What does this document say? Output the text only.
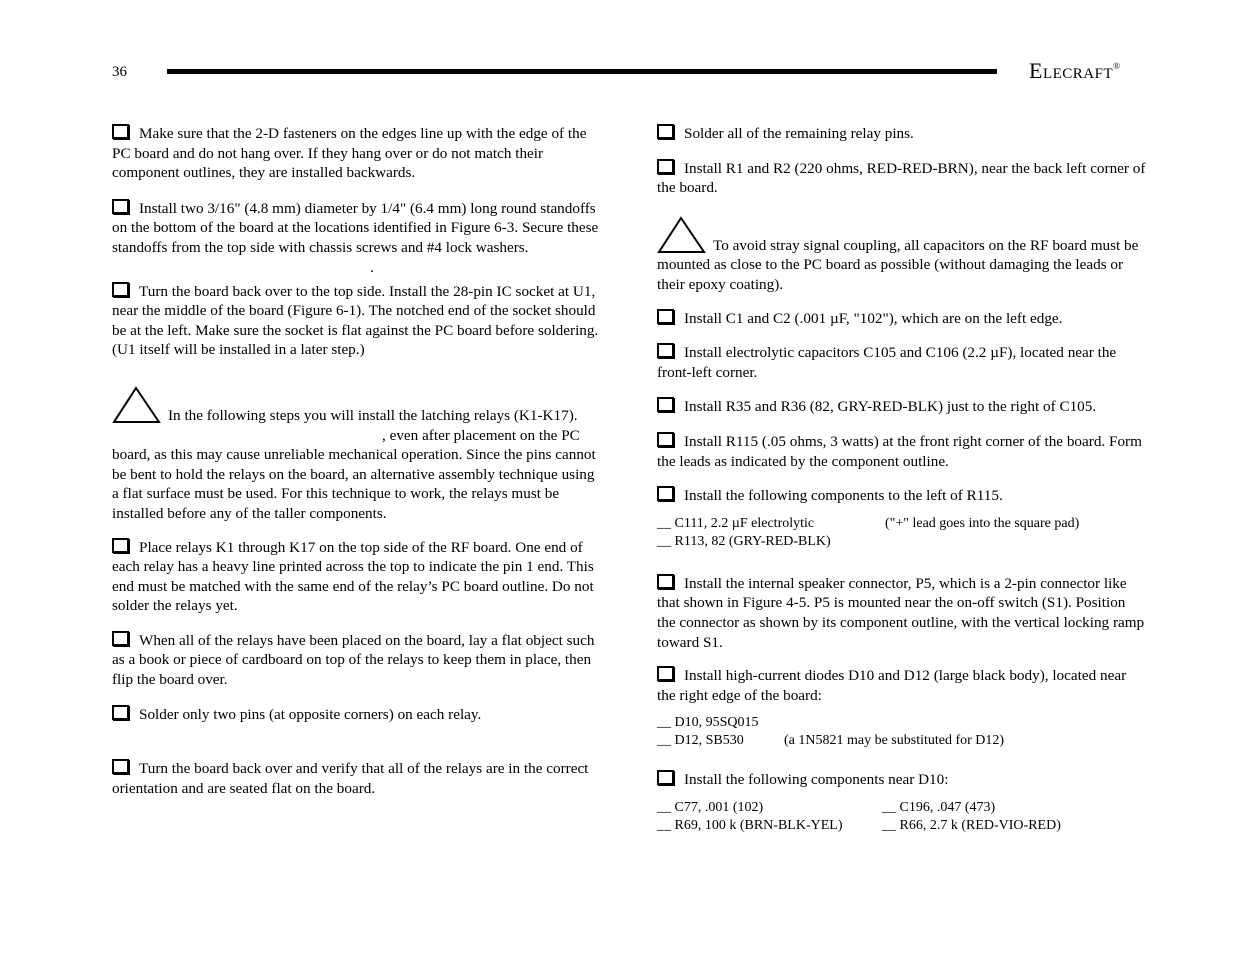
36	ELECRAFT®

Make sure that the 2-D fasteners on the edges line up with the edge of the PC board and do not hang over. If they hang over or do not match their component outlines, they are installed backwards.

Install two 3/16" (4.8 mm) diameter by 1/4" (6.4 mm) long round standoffs on the bottom of the board at the locations identified in Figure 6-3. Secure these standoffs from the top side with chassis screws and #4 lock washers.

.

Turn the board back over to the top side. Install the 28-pin IC socket at U1, near the middle of the board (Figure 6-1). The notched end of the socket should be at the left. Make sure the socket is flat against the PC board before soldering. (U1 itself will be installed in a later step.)

In the following steps you will install the latching relays (K1-K17)., even after placement on the PC board, as this may cause unreliable mechanical operation. Since the pins cannot be bent to hold the relays on the board, an alternative assembly technique using a flat surface must be used. For this technique to work, the relays must be installed before any of the taller components.

Place relays K1 through K17 on the top side of the RF board. One end of each relay has a heavy line printed across the top to indicate the pin 1 end. This end must be matched with the same end of the relay’s PC board outline. Do not solder the relays yet.

When all of the relays have been placed on the board, lay a flat object such as a book or piece of cardboard on top of the relays to keep them in place, then flip the board over.

Solder only two pins (at opposite corners) on each relay.

Turn the board back over and verify that all of the relays are in the correct orientation and are seated flat on the board.

Solder all of the remaining relay pins.

Install R1 and R2 (220 ohms, RED-RED-BRN), near the back left corner of the board.

To avoid stray signal coupling, all capacitors on the RF board must be mounted as close to the PC board as possible (without damaging the leads or their epoxy coating).

Install C1 and C2 (.001 µF, "102"), which are on the left edge.

Install electrolytic capacitors C105 and C106 (2.2 µF), located near the front-left corner.

Install R35 and R36 (82, GRY-RED-BLK) just to the right of C105.

Install R115 (.05 ohms, 3 watts) at the front right corner of the board. Form the leads as indicated by the component outline.

Install the following components to the left of R115.

__ C111, 2.2 µF electrolytic	("+" lead goes into the square pad)
__ R113, 82 (GRY-RED-BLK)

Install the internal speaker connector, P5, which is a 2-pin connector like that shown in Figure 4-5. P5 is mounted near the on-off switch (S1). Position the connector as shown by its component outline, with the vertical locking ramp toward S1.

Install high-current diodes D10 and D12 (large black body), located near the right edge of the board:

__ D10, 95SQ015
__ D12, SB530	(a 1N5821 may be substituted for D12)

Install the following components near D10:

__ C77, .001 (102)	__ C196, .047 (473)
__ R69, 100 k (BRN-BLK-YEL)	__ R66, 2.7 k (RED-VIO-RED)
